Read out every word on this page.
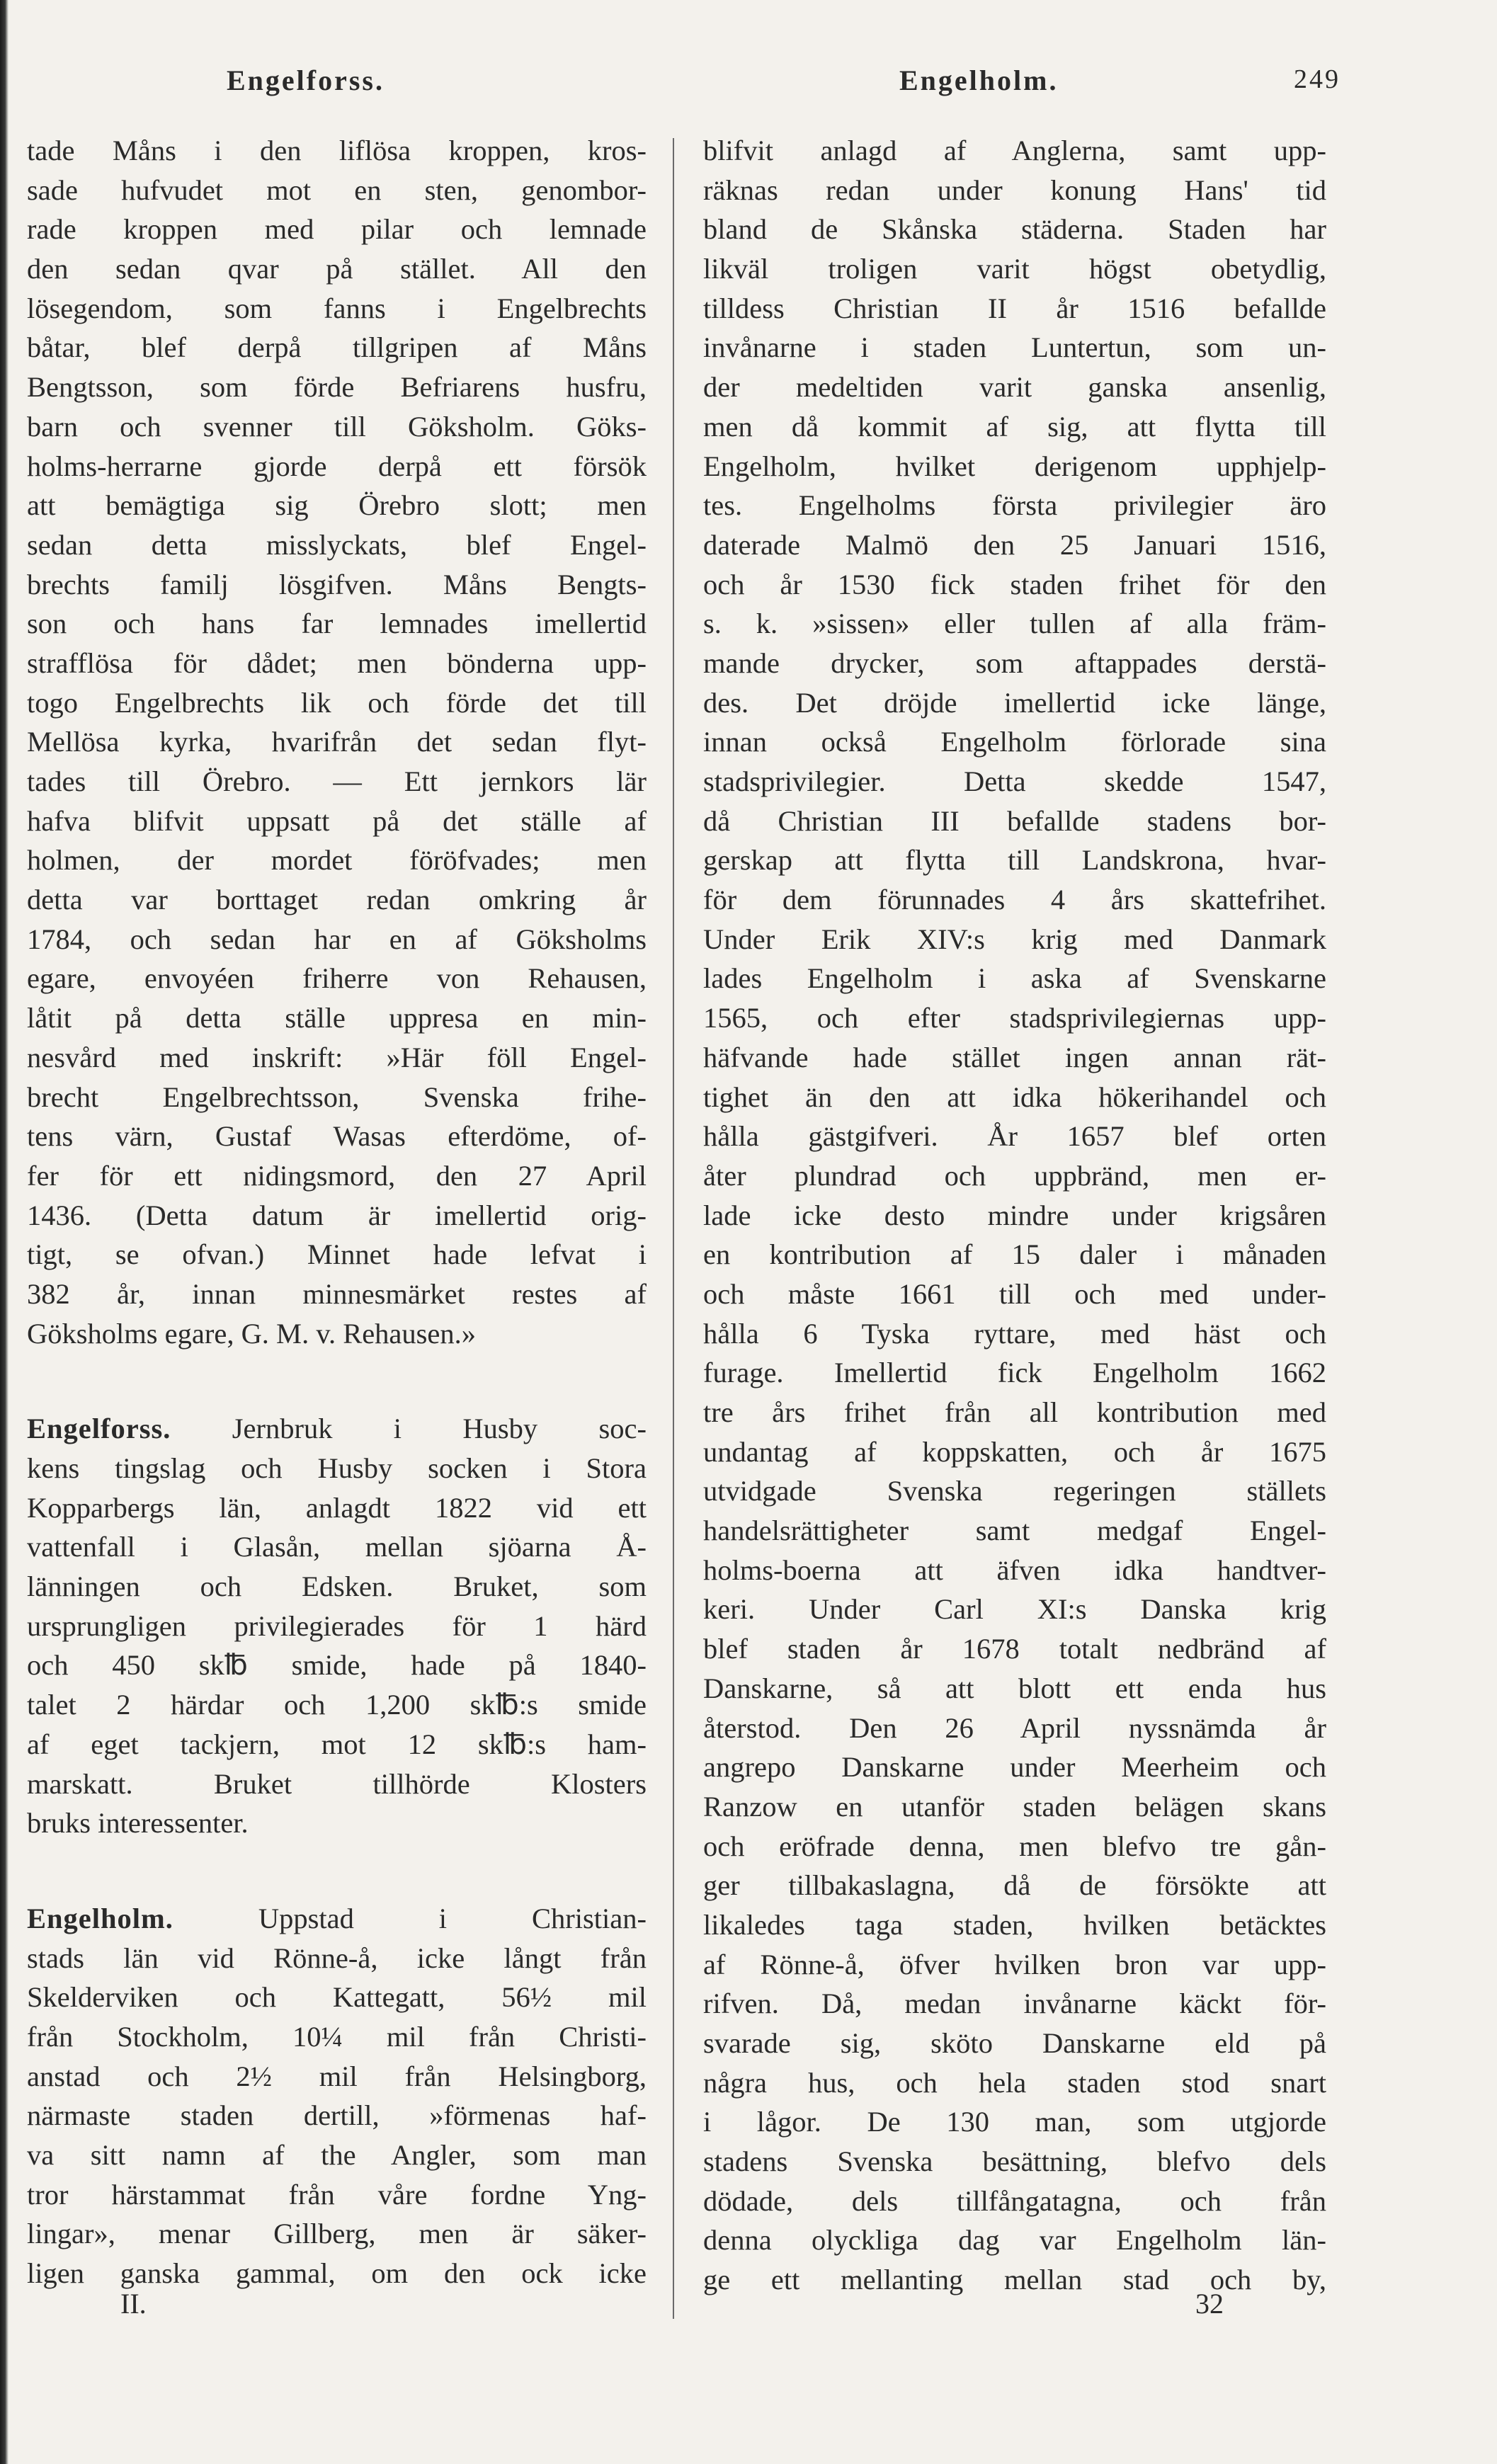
Engelforss.	Engelholm.	249
tade Måns i den liflösa kroppen, kros-
sade hufvudet mot en sten, genombor-
rade kroppen med pilar och lemnade
den sedan qvar på stället. All den
lösegendom, som fanns i Engelbrechts
båtar, blef derpå tillgripen af Måns
Bengtsson, som förde Befriarens husfru,
barn och svenner till Göksholm. Göks-
holms-herrarne gjorde derpå ett försök
att bemägtiga sig Örebro slott; men
sedan detta misslyckats, blef Engel-
brechts familj lösgifven. Måns Bengts-
son och hans far lemnades imellertid
strafflösa för dådet; men bönderna upp-
togo Engelbrechts lik och förde det till
Mellösa kyrka, hvarifrån det sedan flyt-
tades till Örebro. — Ett jernkors lär
hafva blifvit uppsatt på det ställe af
holmen, der mordet föröfvades; men
detta var borttaget redan omkring år
1784, och sedan har en af Göksholms
egare, envoyéen friherre von Rehausen,
låtit på detta ställe uppresa en min-
nesvård med inskrift: »Här föll Engel-
brecht Engelbrechtsson, Svenska frihe-
tens värn, Gustaf Wasas efterdöme, of-
fer för ett nidingsmord, den 27 April
1436. (Detta datum är imellertid orig-
tigt, se ofvan.) Minnet hade lefvat i
382 år, innan minnesmärket restes af
Göksholms egare, G. M. v. Rehausen.»
Engelforss. Jernbruk i Husby soc-
kens tingslag och Husby socken i Stora
Kopparbergs län, anlagdt 1822 vid ett
vattenfall i Glasån, mellan sjöarna Å-
länningen och Edsken. Bruket, som
ursprungligen privilegierades för 1 härd
och 450 sk℔ smide, hade på 1840-
talet 2 härdar och 1,200 sk℔:s smide
af eget tackjern, mot 12 sk℔:s ham-
marskatt. Bruket tillhörde Klosters
bruks interessenter.
Engelholm. Uppstad i Christian-
stads län vid Rönne-å, icke långt från
Skelderviken och Kattegatt, 56½ mil
från Stockholm, 10¼ mil från Christi-
anstad och 2½ mil från Helsingborg,
närmaste staden dertill, »förmenas haf-
va sitt namn af the Angler, som man
tror härstammat från våre fordne Yng-
lingar», menar Gillberg, men är säker-
ligen ganska gammal, om den ock icke
blifvit anlagd af Anglerna, samt upp-
räknas redan under konung Hans' tid
bland de Skånska städerna. Staden har
likväl troligen varit högst obetydlig,
tilldess Christian II år 1516 befallde
invånarne i staden Luntertun, som un-
der medeltiden varit ganska ansenlig,
men då kommit af sig, att flytta till
Engelholm, hvilket derigenom upphjelp-
tes. Engelholms första privilegier äro
daterade Malmö den 25 Januari 1516,
och år 1530 fick staden frihet för den
s. k. »sissen» eller tullen af alla främ-
mande drycker, som aftappades derstä-
des. Det dröjde imellertid icke länge,
innan också Engelholm förlorade sina
stadsprivilegier. Detta skedde 1547,
då Christian III befallde stadens bor-
gerskap att flytta till Landskrona, hvar-
för dem förunnades 4 års skattefrihet.
Under Erik XIV:s krig med Danmark
lades Engelholm i aska af Svenskarne
1565, och efter stadsprivilegiernas upp-
häfvande hade stället ingen annan rät-
tighet än den att idka hökerihandel och
hålla gästgifveri. År 1657 blef orten
åter plundrad och uppbränd, men er-
lade icke desto mindre under krigsåren
en kontribution af 15 daler i månaden
och måste 1661 till och med under-
hålla 6 Tyska ryttare, med häst och
furage. Imellertid fick Engelholm 1662
tre års frihet från all kontribution med
undantag af koppskatten, och år 1675
utvidgade Svenska regeringen ställets
handelsrättigheter samt medgaf Engel-
holms-boerna att äfven idka handtver-
keri. Under Carl XI:s Danska krig
blef staden år 1678 totalt nedbränd af
Danskarne, så att blott ett enda hus
återstod. Den 26 April nyssnämda år
angrepo Danskarne under Meerheim och
Ranzow en utanför staden belägen skans
och eröfrade denna, men blefvo tre gån-
ger tillbakaslagna, då de försökte att
likaledes taga staden, hvilken betäcktes
af Rönne-å, öfver hvilken bron var upp-
rifven. Då, medan invånarne käckt för-
svarade sig, sköto Danskarne eld på
några hus, och hela staden stod snart
i lågor. De 130 man, som utgjorde
stadens Svenska besättning, blefvo dels
dödade, dels tillfångatagna, och från
denna olyckliga dag var Engelholm län-
ge ett mellanting mellan stad och by,
II.	32
